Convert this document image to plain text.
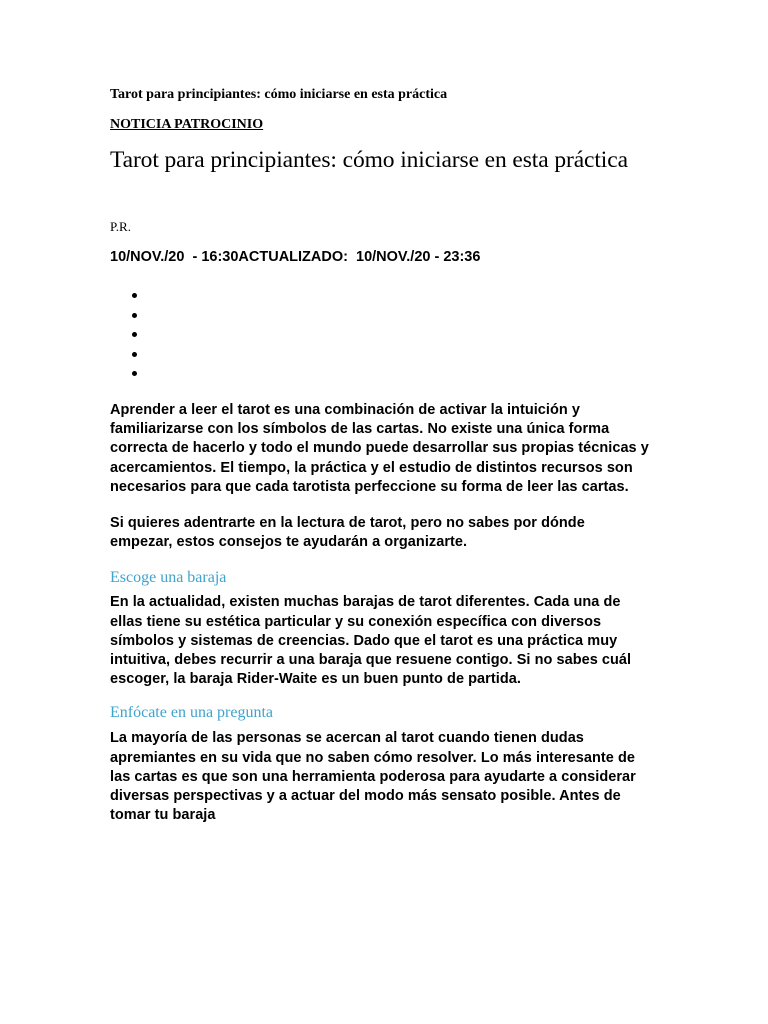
Tarot para principiantes: cómo iniciarse en esta práctica

NOTICIA PATROCINIO

Tarot para principiantes: cómo iniciarse en esta práctica

P.R.

10/NOV./20  - 16:30ACTUALIZADO:  10/NOV./20 - 23:36

Aprender a leer el tarot es una combinación de activar la intuición y familiarizarse con los símbolos de las cartas. No existe una única forma correcta de hacerlo y todo el mundo puede desarrollar sus propias técnicas y acercamientos. El tiempo, la práctica y el estudio de distintos recursos son necesarios para que cada tarotista perfeccione su forma de leer las cartas.

Si quieres adentrarte en la lectura de tarot, pero no sabes por dónde empezar, estos consejos te ayudarán a organizarte.

Escoge una baraja

En la actualidad, existen muchas barajas de tarot diferentes. Cada una de ellas tiene su estética particular y su conexión específica con diversos símbolos y sistemas de creencias. Dado que el tarot es una práctica muy intuitiva, debes recurrir a una baraja que resuene contigo. Si no sabes cuál escoger, la baraja Rider-Waite es un buen punto de partida.

Enfócate en una pregunta

La mayoría de las personas se acercan al tarot cuando tienen dudas apremiantes en su vida que no saben cómo resolver. Lo más interesante de las cartas es que son una herramienta poderosa para ayudarte a considerar diversas perspectivas y a actuar del modo más sensato posible. Antes de tomar tu baraja
